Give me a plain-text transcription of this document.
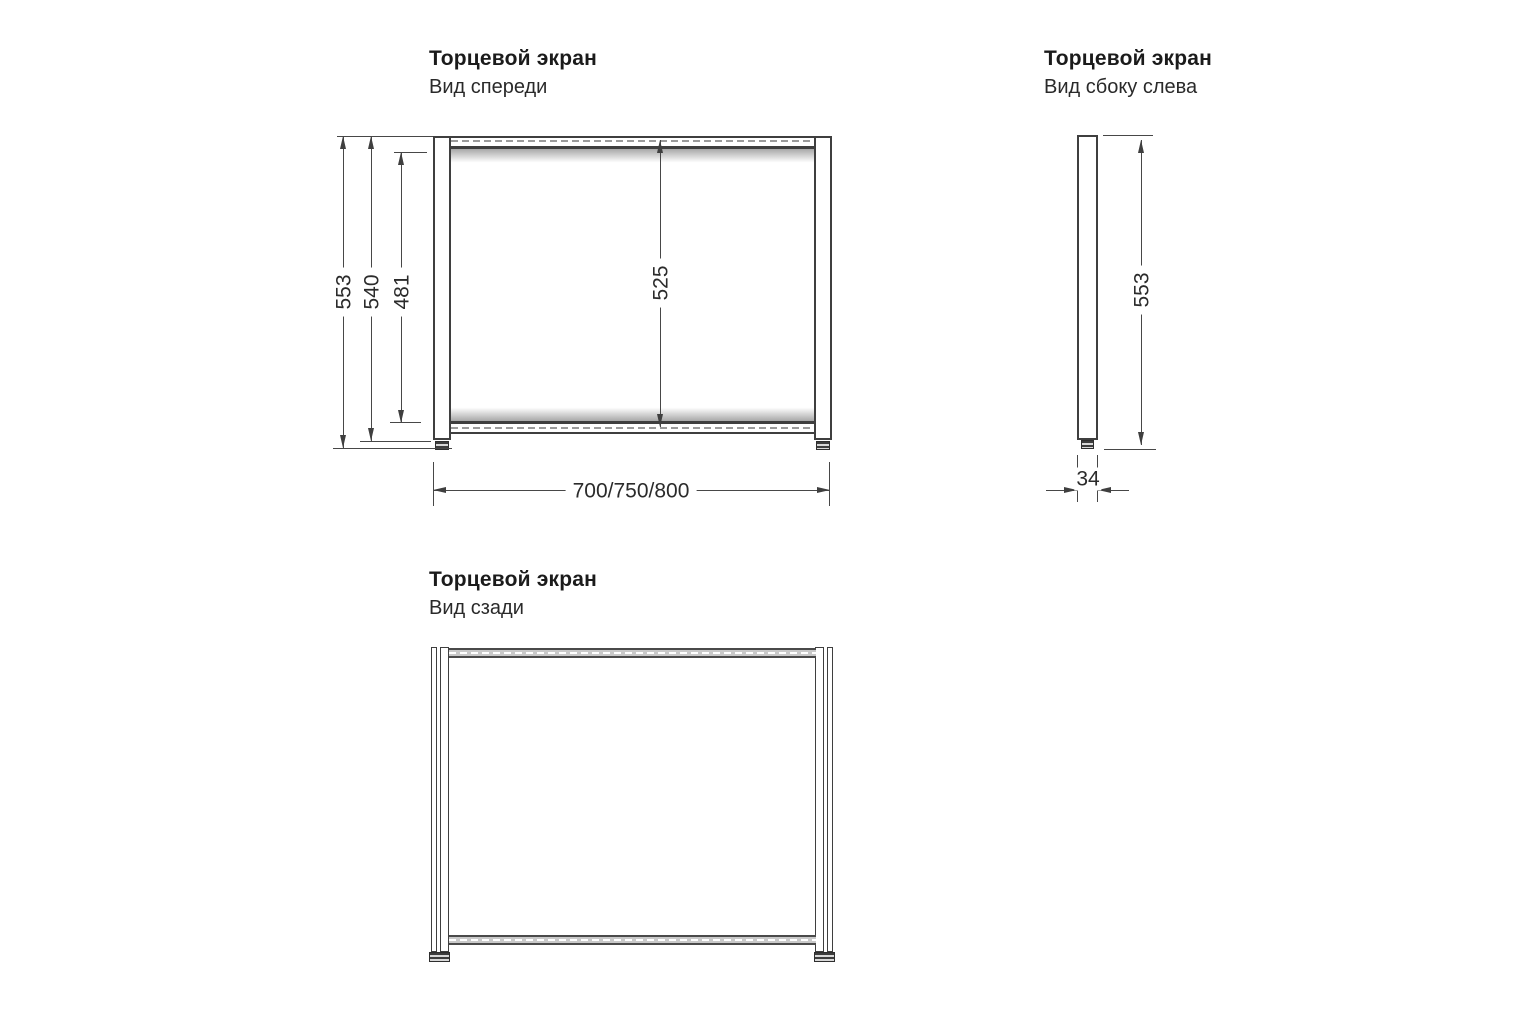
Торцевой экран
Вид спереди
553 540 481	525
700/750/800
Торцевой экран
Вид сбоку слева
553
34
Торцевой экран
Вид сзади
